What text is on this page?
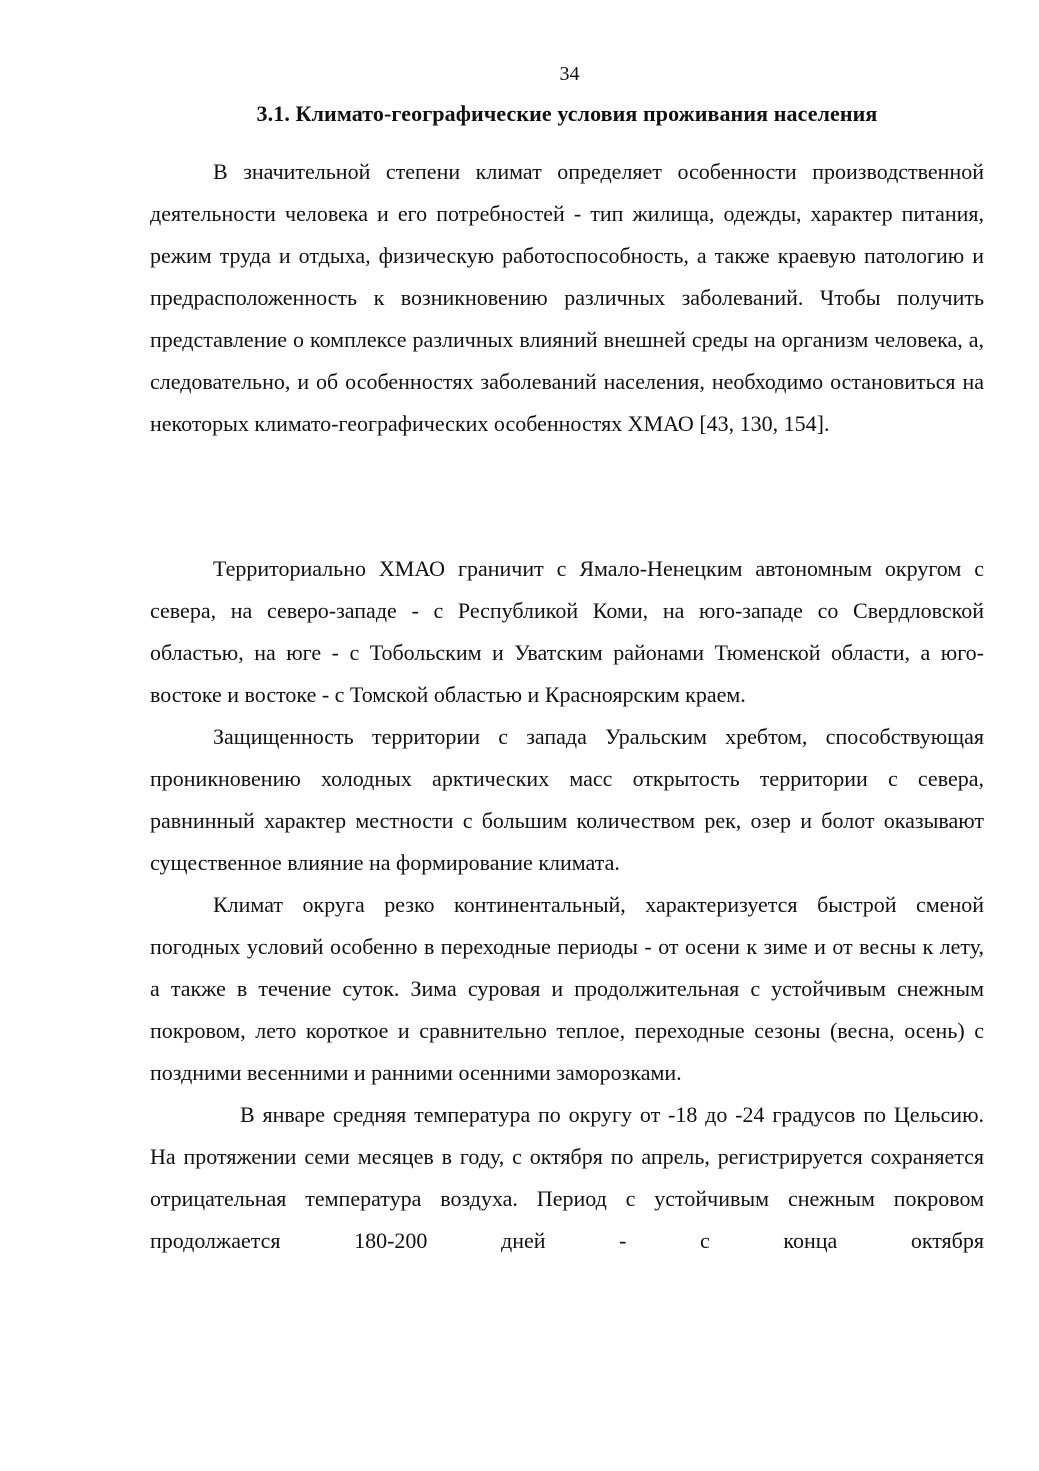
34
3.1. Климато-географические условия проживания населения

В значительной степени климат определяет особенности производственной деятельности человека и его потребностей - тип жилища, одежды, характер питания, режим труда и отдыха, физическую работоспособность, а также краевую патологию и предрасположенность к возникновению различных заболеваний. Чтобы получить представление о комплексе различных влияний внешней среды на организм человека, а, следовательно, и об особенностях заболеваний населения, необходимо остановиться на некоторых климато-географических особенностях ХМАО [43, 130, 154].

Территориально ХМАО граничит с Ямало-Ненецким автономным округом с севера, на северо-западе - с Республикой Коми, на юго-западе со Свердловской областью, на юге - с Тобольским и Уватским районами Тюменской области, а юго-востоке и востоке - с Томской областью и Красноярским краем.

Защищенность территории с запада Уральским хребтом, способствующая проникновению холодных арктических масс открытость территории с севера, равнинный характер местности с большим количеством рек, озер и болот оказывают существенное влияние на формирование климата.

Климат округа резко континентальный, характеризуется быстрой сменой погодных условий особенно в переходные периоды - от осени к зиме и от весны к лету, а также в течение суток. Зима суровая и продолжительная с устойчивым снежным покровом, лето короткое и сравнительно теплое, переходные сезоны (весна, осень) с поздними весенними и ранними осенними заморозками.

В январе средняя температура по округу от -18 до -24 градусов по Цельсию. На протяжении семи месяцев в году, с октября по апрель, регистрируется сохраняется отрицательная температура воздуха. Период с устойчивым снежным покровом продолжается 180-200 дней - с конца октября
